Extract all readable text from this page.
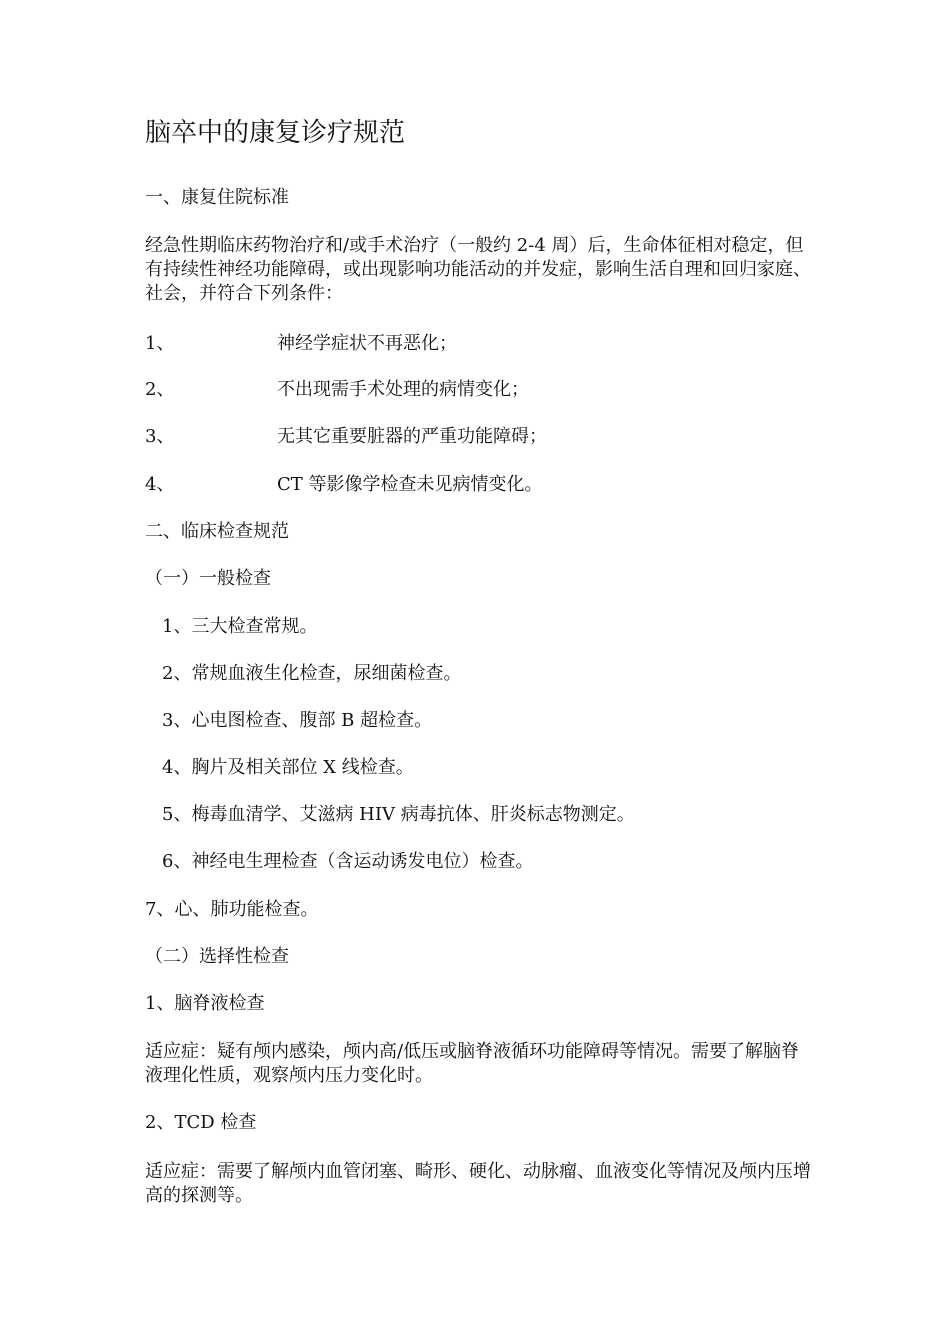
脑卒中的康复诊疗规范
一、康复住院标准
经急性期临床药物治疗和/或手术治疗（一般约 2-4 周）后，生命体征相对稳定，但有持续性神经功能障碍，或出现影响功能活动的并发症，影响生活自理和回归家庭、社会，并符合下列条件：
1、	神经学症状不再恶化；
2、	不出现需手术处理的病情变化；
3、	无其它重要脏器的严重功能障碍；
4、	CT 等影像学检查未见病情变化。
二、临床检查规范
（一）一般检查
1、三大检查常规。
2、常规血液生化检查，尿细菌检查。
3、心电图检查、腹部 B 超检查。
4、胸片及相关部位 X 线检查。
5、梅毒血清学、艾滋病 HIV 病毒抗体、肝炎标志物测定。
6、神经电生理检查（含运动诱发电位）检查。
7、心、肺功能检查。
（二）选择性检查
1、脑脊液检查
适应症：疑有颅内感染，颅内高/低压或脑脊液循环功能障碍等情况。需要了解脑脊液理化性质，观察颅内压力变化时。
2、TCD 检查
适应症：需要了解颅内血管闭塞、畸形、硬化、动脉瘤、血液变化等情况及颅内压增高的探测等。
